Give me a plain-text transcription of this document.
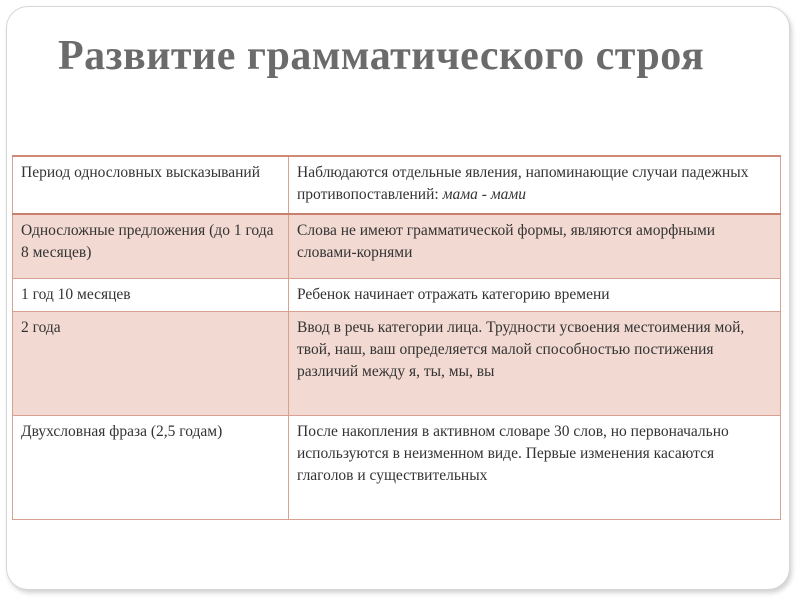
Развитие грамматического строя
Период однословных высказываний	Наблюдаются отдельные явления, напоминающие случаи падежных противопоставлений: мама - мами
Односложные предложения (до 1 года 8 месяцев)	Слова не имеют грамматической формы, являются аморфными словами-корнями
1 год 10 месяцев	Ребенок начинает отражать категорию времени
2 года	Ввод в речь категории лица. Трудности усвоения местоимения мой, твой, наш, ваш определяется малой способностью постижения различий между я, ты, мы, вы
Двухсловная фраза (2,5 годам)	После накопления в активном словаре 30 слов, но первоначально используются в неизменном виде. Первые изменения касаются глаголов и существительных
